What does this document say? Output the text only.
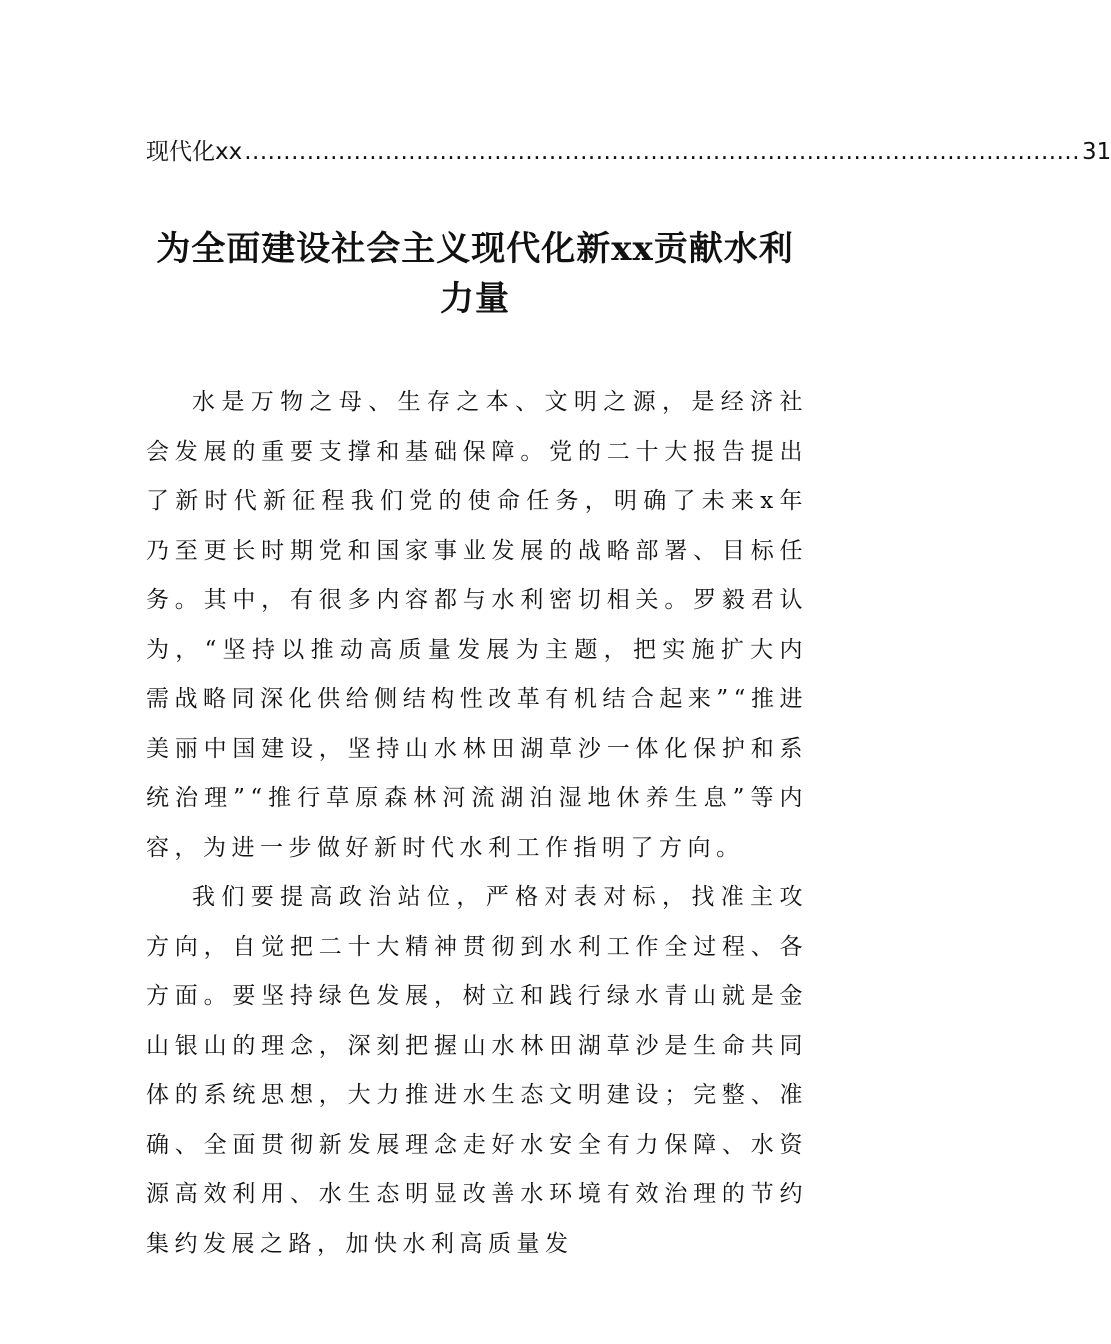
现代化xx ........................................................................................................... 31
为全面建设社会主义现代化新xx贡献水利力量

水是万物之母、生存之本、文明之源，是经济社会发展的重要支撑和基础保障。党的二十大报告提出了新时代新征程我们党的使命任务，明确了未来x年乃至更长时期党和国家事业发展的战略部署、目标任务。其中，有很多内容都与水利密切相关。罗毅君认为，“坚持以推动高质量发展为主题，把实施扩大内需战略同深化供给侧结构性改革有机结合起来”“推进美丽中国建设，坚持山水林田湖草沙一体化保护和系统治理”“推行草原森林河流湖泊湿地休养生息”等内容，为进一步做好新时代水利工作指明了方向。

我们要提高政治站位，严格对表对标，找准主攻方向，自觉把二十大精神贯彻到水利工作全过程、各方面。要坚持绿色发展，树立和践行绿水青山就是金山银山的理念，深刻把握山水林田湖草沙是生命共同体的系统思想，大力推进水生态文明建设；完整、准确、全面贯彻新发展理念走好水安全有力保障、水资源高效利用、水生态明显改善水环境有效治理的节约集约发展之路，加快水利高质量发
